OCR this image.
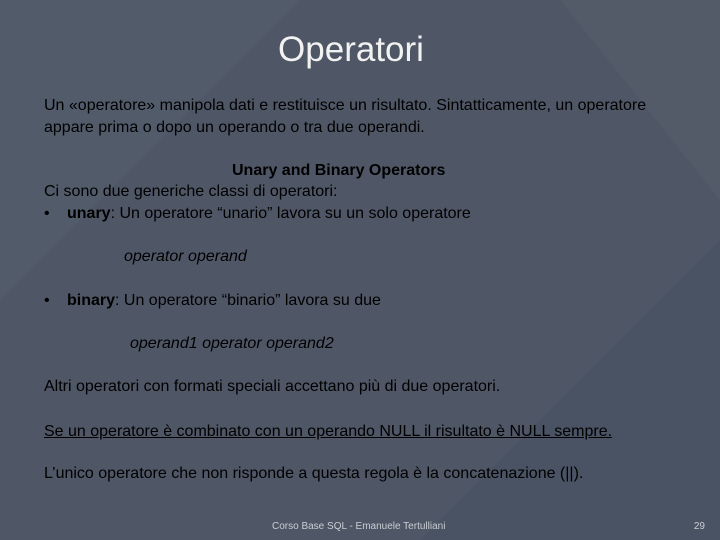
Operatori

Un «operatore» manipola dati e restituisce un risultato. Sintatticamente, un operatore appare prima o dopo un operando o tra due operandi.

Unary and Binary Operators

Ci sono due generiche classi di operatori:

• unary: Un operatore “unario” lavora su un solo operatore
operator operand
• binary: Un operatore “binario” lavora su due
operand1 operator operand2

Altri operatori con formati speciali accettano più di due operatori.

Se un operatore è combinato con un operando NULL il risultato è NULL sempre.

L’unico operatore che non risponde a questa regola è la concatenazione (||).

Corso Base SQL - Emanuele Tertulliani	29
